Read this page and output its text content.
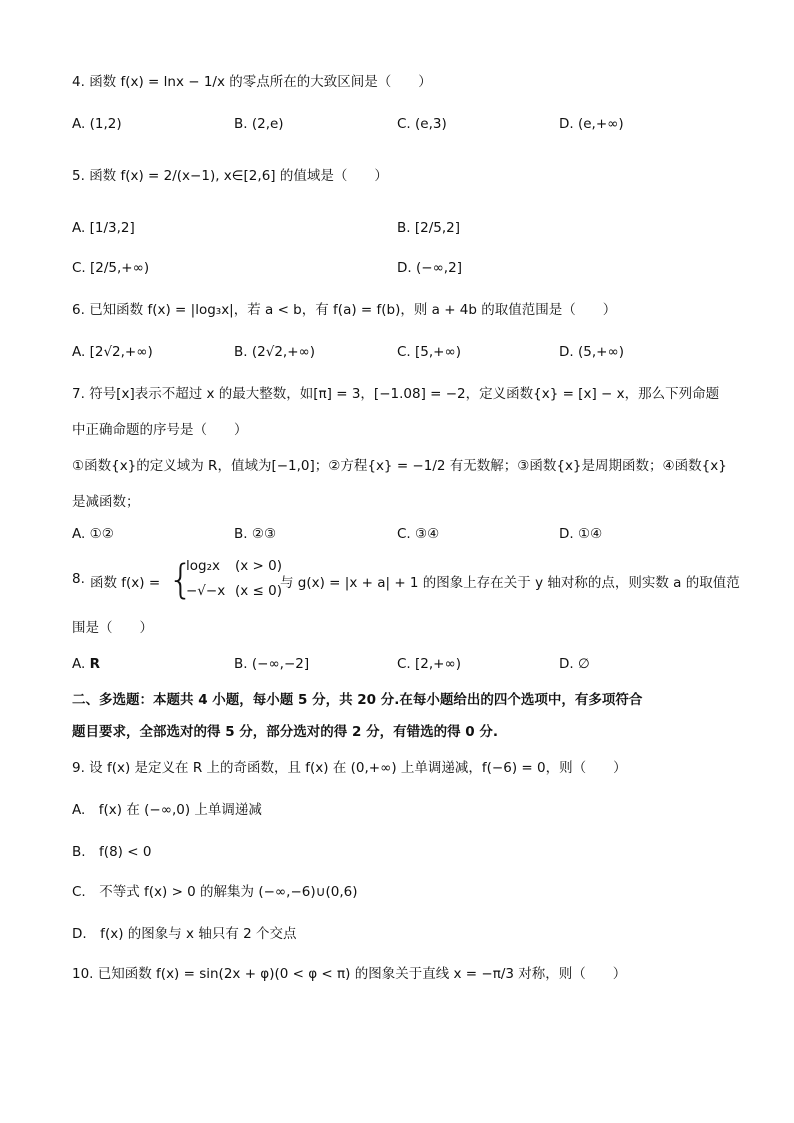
4. 函数 f(x) = lnx − 1/x 的零点所在的大致区间是（　　）
A. (1,2)	B. (2,e)	C. (e,3)	D. (e,+∞)
5. 函数 f(x) = 2/(x−1), x∈[2,6] 的值域是（　　）
A. [1/3,2]	B. [2/5,2]
C. [2/5,+∞)	D. (−∞,2]
6. 已知函数 f(x) = |log₃x|，若 a < b，有 f(a) = f(b)，则 a + 4b 的取值范围是（　　）
A. [2√2,+∞)	B. (2√2,+∞)	C. [5,+∞)	D. (5,+∞)
7. 符号[x]表示不超过 x 的最大整数，如[π] = 3，[−1.08] = −2，定义函数{x} = [x] − x，那么下列命题
中正确命题的序号是（　　）
①函数{x}的定义域为 R，值域为[−1,0]；②方程{x} = −1/2 有无数解；③函数{x}是周期函数；④函数{x}
是减函数；
A. ①②	B. ②③	C. ③④	D. ①④
8. 函数 f(x) = {
log₂x (x > 0)
−√−x (x ≤ 0)
与 g(x) = |x + a| + 1 的图象上存在关于 y 轴对称的点，则实数 a 的取值范
围是（　　）
A. R	B. (−∞,−2]	C. [2,+∞)	D. ∅
二、多选题：本题共 4 小题，每小题 5 分，共 20 分.在每小题给出的四个选项中，有多项符合
题目要求，全部选对的得 5 分，部分选对的得 2 分，有错选的得 0 分.
9. 设 f(x) 是定义在 R 上的奇函数，且 f(x) 在 (0,+∞) 上单调递减，f(−6) = 0，则（　　）
A.　f(x) 在 (−∞,0) 上单调递减
B.　f(8) < 0
C.　不等式 f(x) > 0 的解集为 (−∞,−6)∪(0,6)
D.　f(x) 的图象与 x 轴只有 2 个交点
10. 已知函数 f(x) = sin(2x + φ)(0 < φ < π) 的图象关于直线 x = −π/3 对称，则（　　）
